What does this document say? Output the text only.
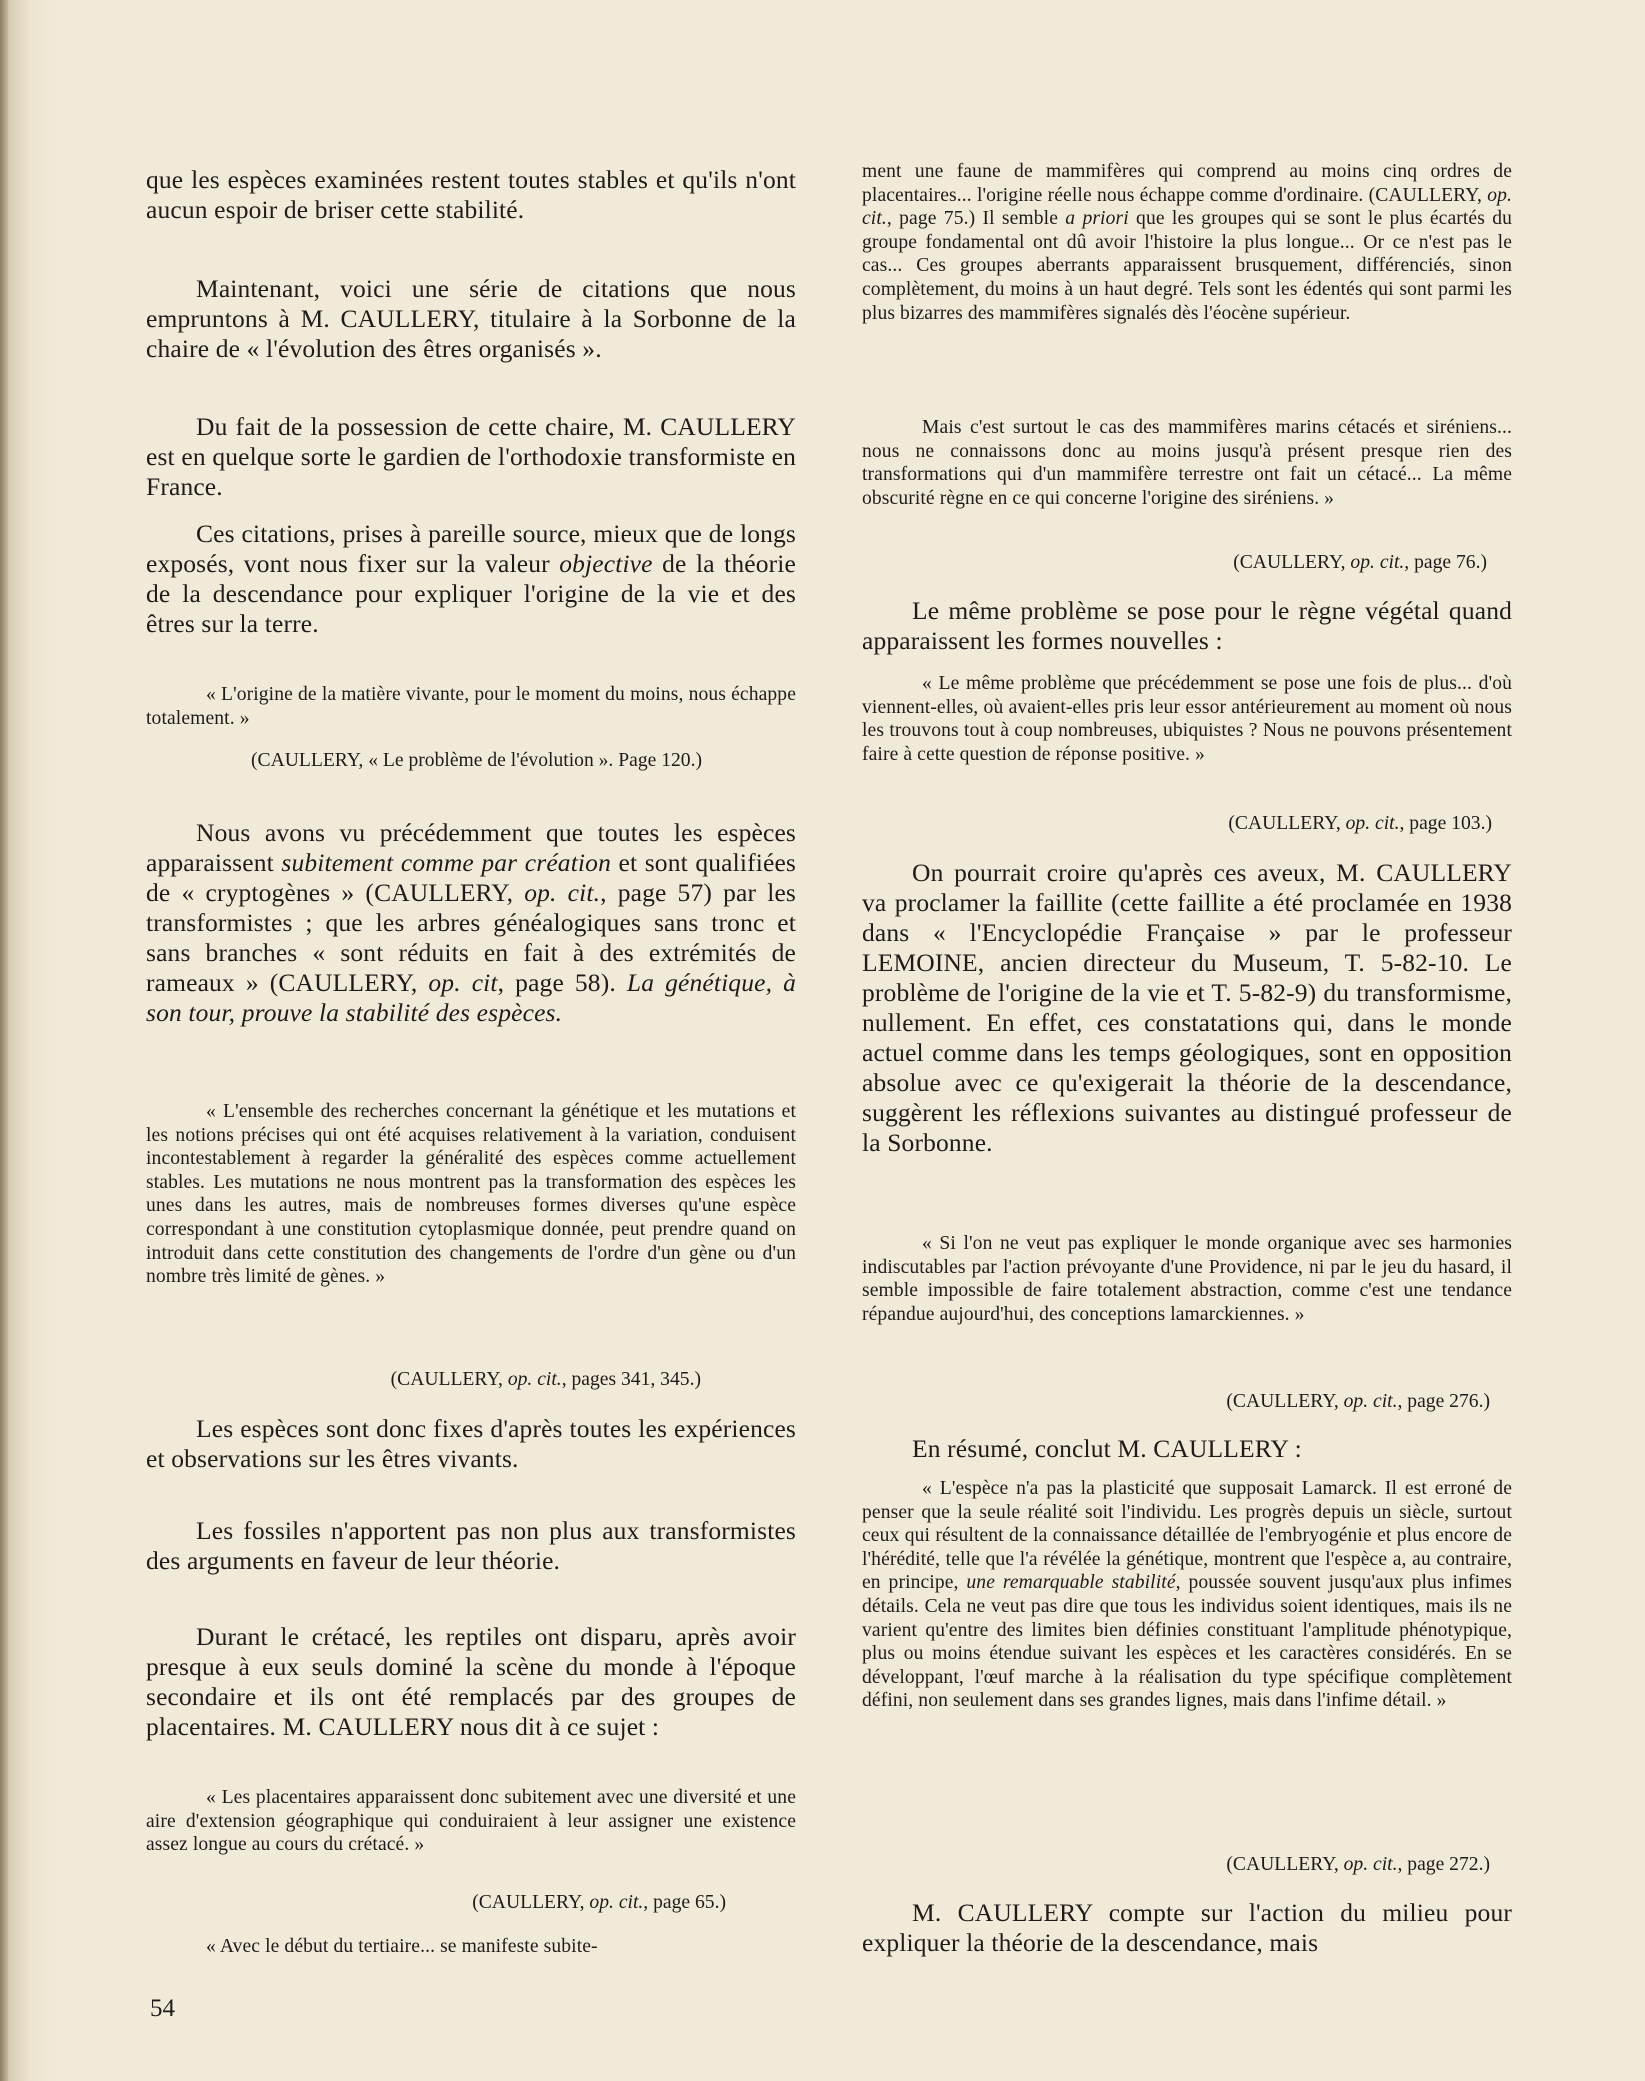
que les espèces examinées restent toutes stables et qu'ils n'ont aucun espoir de briser cette stabilité.

Maintenant, voici une série de citations que nous empruntons à M. CAULLERY, titulaire à la Sorbonne de la chaire de « l'évolution des êtres organisés ».

Du fait de la possession de cette chaire, M. CAULLERY est en quelque sorte le gardien de l'orthodoxie transformiste en France.

Ces citations, prises à pareille source, mieux que de longs exposés, vont nous fixer sur la valeur objective de la théorie de la descendance pour expliquer l'origine de la vie et des êtres sur la terre.

« L'origine de la matière vivante, pour le moment du moins, nous échappe totalement. »

(CAULLERY, « Le problème de l'évolution ». Page 120.)

Nous avons vu précédemment que toutes les espèces apparaissent subitement comme par création et sont qualifiées de « cryptogènes » (CAULLERY, op. cit., page 57) par les transformistes ; que les arbres généalogiques sans tronc et sans branches « sont réduits en fait à des extrémités de rameaux » (CAULLERY, op. cit, page 58). La génétique, à son tour, prouve la stabilité des espèces.

« L'ensemble des recherches concernant la génétique et les mutations et les notions précises qui ont été acquises relativement à la variation, conduisent incontestablement à regarder la généralité des espèces comme actuellement stables. Les mutations ne nous montrent pas la transformation des espèces les unes dans les autres, mais de nombreuses formes diverses qu'une espèce correspondant à une constitution cytoplasmique donnée, peut prendre quand on introduit dans cette constitution des changements de l'ordre d'un gène ou d'un nombre très limité de gènes. »

(CAULLERY, op. cit., pages 341, 345.)

Les espèces sont donc fixes d'après toutes les expériences et observations sur les êtres vivants.

Les fossiles n'apportent pas non plus aux transformistes des arguments en faveur de leur théorie.

Durant le crétacé, les reptiles ont disparu, après avoir presque à eux seuls dominé la scène du monde à l'époque secondaire et ils ont été remplacés par des groupes de placentaires. M. CAULLERY nous dit à ce sujet :

« Les placentaires apparaissent donc subitement avec une diversité et une aire d'extension géographique qui conduiraient à leur assigner une existence assez longue au cours du crétacé. »

(CAULLERY, op. cit., page 65.)

« Avec le début du tertiaire... se manifeste subite-

ment une faune de mammifères qui comprend au moins cinq ordres de placentaires... l'origine réelle nous échappe comme d'ordinaire. (CAULLERY, op. cit., page 75.) Il semble a priori que les groupes qui se sont le plus écartés du groupe fondamental ont dû avoir l'histoire la plus longue... Or ce n'est pas le cas... Ces groupes aberrants apparaissent brusquement, différenciés, sinon complètement, du moins à un haut degré. Tels sont les édentés qui sont parmi les plus bizarres des mammifères signalés dès l'éocène supérieur.

Mais c'est surtout le cas des mammifères marins cétacés et siréniens... nous ne connaissons donc au moins jusqu'à présent presque rien des transformations qui d'un mammifère terrestre ont fait un cétacé... La même obscurité règne en ce qui concerne l'origine des siréniens. »

(CAULLERY, op. cit., page 76.)

Le même problème se pose pour le règne végétal quand apparaissent les formes nouvelles :

« Le même problème que précédemment se pose une fois de plus... d'où viennent-elles, où avaient-elles pris leur essor antérieurement au moment où nous les trouvons tout à coup nombreuses, ubiquistes ? Nous ne pouvons présentement faire à cette question de réponse positive. »

(CAULLERY, op. cit., page 103.)

On pourrait croire qu'après ces aveux, M. CAULLERY va proclamer la faillite (cette faillite a été proclamée en 1938 dans « l'Encyclopédie Française » par le professeur LEMOINE, ancien directeur du Museum, T. 5-82-10. Le problème de l'origine de la vie et T. 5-82-9) du transformisme, nullement. En effet, ces constatations qui, dans le monde actuel comme dans les temps géologiques, sont en opposition absolue avec ce qu'exigerait la théorie de la descendance, suggèrent les réflexions suivantes au distingué professeur de la Sorbonne.

« Si l'on ne veut pas expliquer le monde organique avec ses harmonies indiscutables par l'action prévoyante d'une Providence, ni par le jeu du hasard, il semble impossible de faire totalement abstraction, comme c'est une tendance répandue aujourd'hui, des conceptions lamarckiennes. »

(CAULLERY, op. cit., page 276.)

En résumé, conclut M. CAULLERY :

« L'espèce n'a pas la plasticité que supposait Lamarck. Il est erroné de penser que la seule réalité soit l'individu. Les progrès depuis un siècle, surtout ceux qui résultent de la connaissance détaillée de l'embryogénie et plus encore de l'hérédité, telle que l'a révélée la génétique, montrent que l'espèce a, au contraire, en principe, une remarquable stabilité, poussée souvent jusqu'aux plus infimes détails. Cela ne veut pas dire que tous les individus soient identiques, mais ils ne varient qu'entre des limites bien définies constituant l'amplitude phénotypique, plus ou moins étendue suivant les espèces et les caractères considérés. En se développant, l'œuf marche à la réalisation du type spécifique complètement défini, non seulement dans ses grandes lignes, mais dans l'infime détail. »

(CAULLERY, op. cit., page 272.)

M. CAULLERY compte sur l'action du milieu pour expliquer la théorie de la descendance, mais

54
